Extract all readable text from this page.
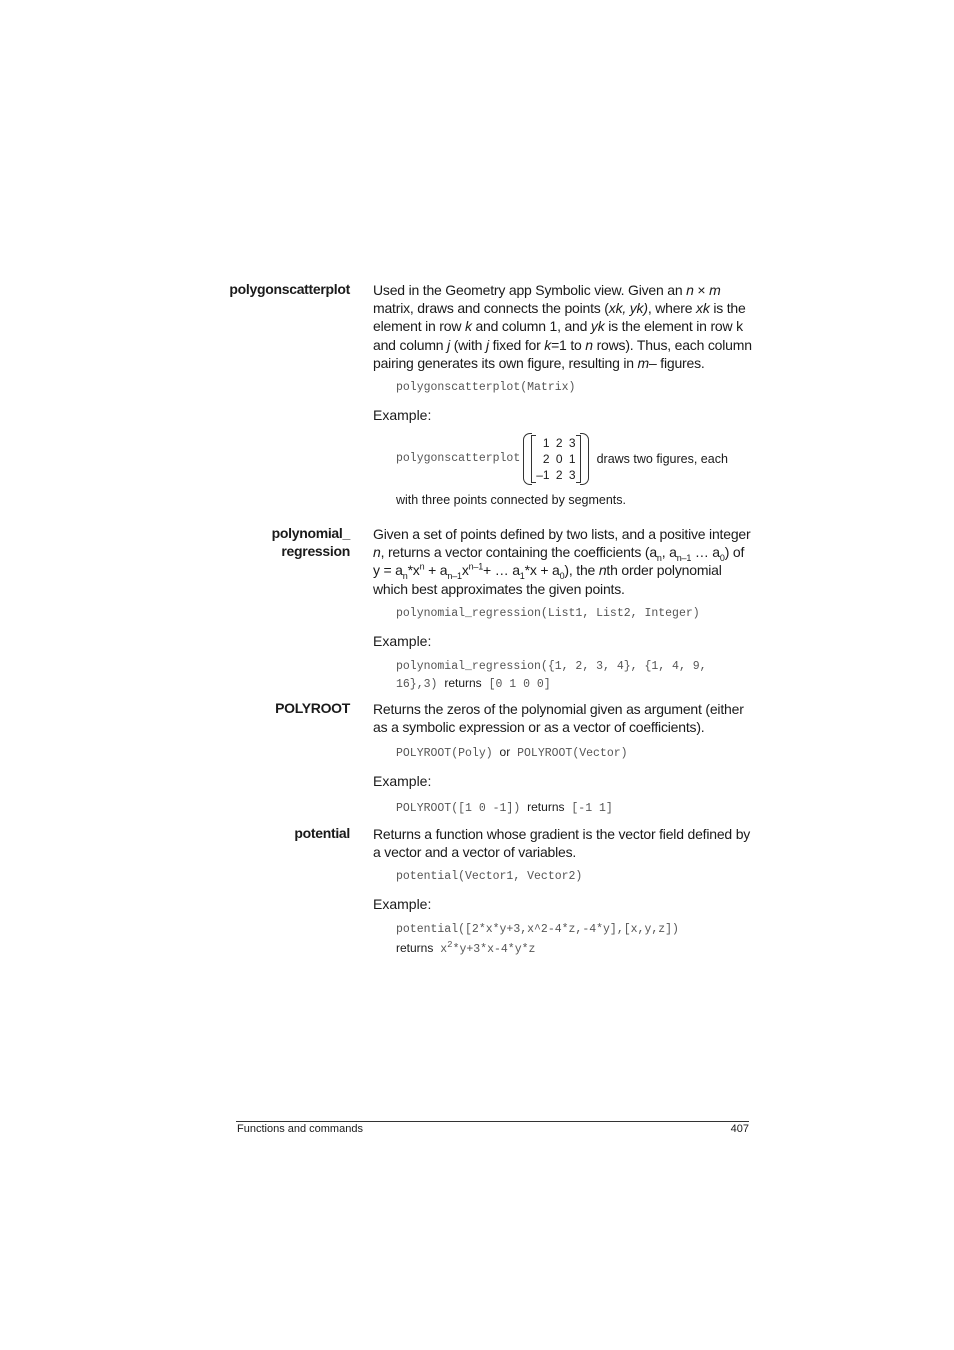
polygonscatterplot Used in the Geometry app Symbolic view. Given an n × m matrix, draws and connects the points (xk, yk), where xk is the element in row k and column 1, and yk is the element in row k and column j (with j fixed for k=1 to n rows). Thus, each column pairing generates its own figure, resulting in m– figures.

polygonscatterplot(Matrix)

Example:

polygonscatterplot
1 2 3
2 0 1
–1 2 3
draws two figures, each

with three points connected by segments.

polynomial_
regression

Given a set of points defined by two lists, and a positive integer n, returns a vector containing the coefficients ($a_n$, $a_{n-1}$ … $a_0$) of $y = a_n*x^n + a_{n-1}x^{n-1}+$ … $a_1*x + a_0$), the nth order polynomial which best approximates the given points.

polynomial_regression(List1, List2, Integer)

Example:

polynomial_regression({1, 2, 3, 4}, {1, 4, 9,

16},3) returns [0 1 0 0]

POLYROOT Returns the zeros of the polynomial given as argument (either as a symbolic expression or as a vector of coefficients).

POLYROOT(Poly) or POLYROOT(Vector)

Example:

POLYROOT([1 0 -1]) returns [-1 1]

potential Returns a function whose gradient is the vector field defined by a vector and a vector of variables.

potential(Vector1, Vector2)

Example:

potential([2*x*y+3,x^2-4*z,-4*y],[x,y,z])

returns $x^2*y+3*x-4*y*z$

Functions and commands	407
